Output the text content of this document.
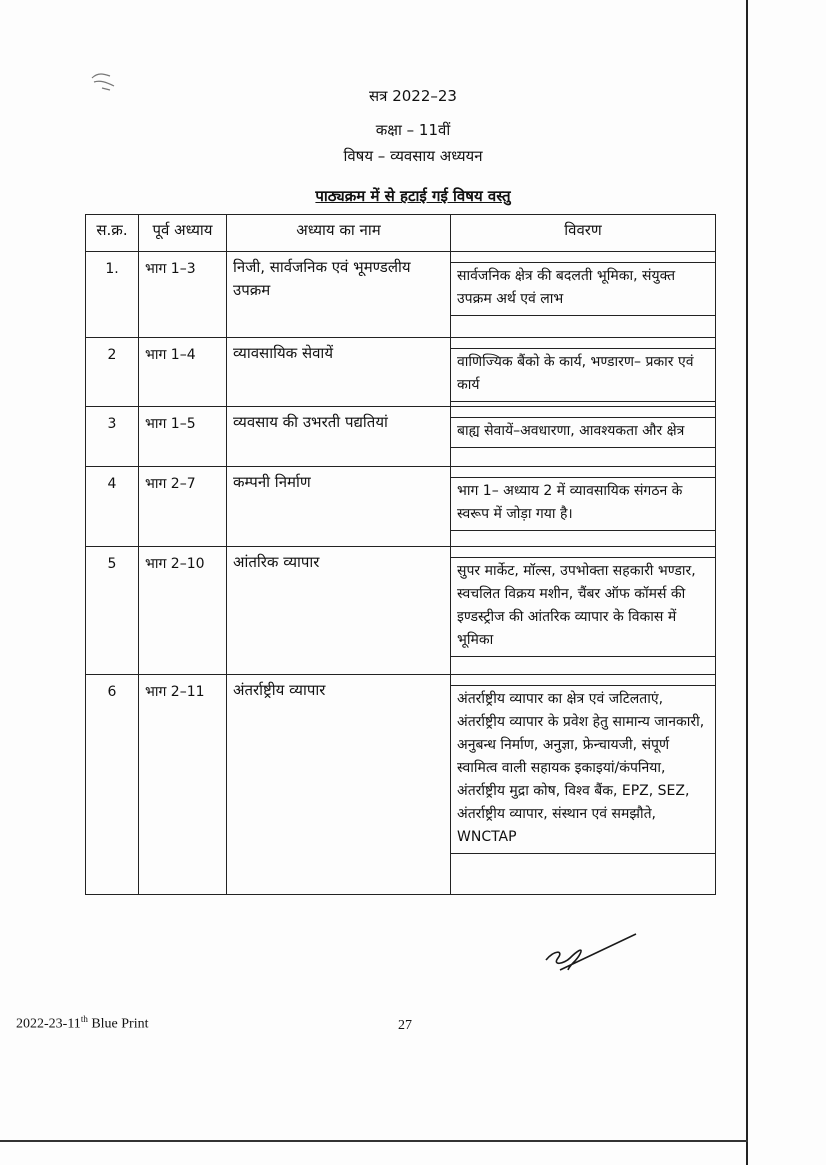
सत्र 2022–23
कक्षा – 11वीं
विषय – व्यवसाय अध्ययन
पाठ्यक्रम में से हटाई गई विषय वस्तु
स.क्र.	पूर्व अध्याय	अध्याय का नाम	विवरण
1.	भाग 1–3	निजी, सार्वजनिक एवं भूमण्डलीय उपक्रम	सार्वजनिक क्षेत्र की बदलती भूमिका, संयुक्त उपक्रम अर्थ एवं लाभ

2	भाग 1–4	व्यावसायिक सेवायें	वाणिज्यिक बैंको के कार्य, भण्डारण– प्रकार एवं कार्य

3	भाग 1–5	व्यवसाय की उभरती पद्यतियां	बाह्य सेवायें–अवधारणा, आवश्यकता और क्षेत्र

4	भाग 2–7	कम्पनी निर्माण	भाग 1– अध्याय 2 में व्यावसायिक संगठन के स्वरूप में जोड़ा गया है।

5	भाग 2–10	आंतरिक व्यापार	सुपर मार्केट, मॉल्स, उपभोक्ता सहकारी भण्डार, स्वचलित विक्रय मशीन, चैंबर ऑफ कॉमर्स की इण्डस्ट्रीज की आंतरिक व्यापार के विकास में भूमिका

6	भाग 2–11	अंतर्राष्ट्रीय व्यापार	अंतर्राष्ट्रीय व्यापार का क्षेत्र एवं जटिलताएं, अंतर्राष्ट्रीय व्यापार के प्रवेश हेतु सामान्य जानकारी, अनुबन्ध निर्माण, अनुज्ञा, फ्रेन्चायजी, संपूर्ण स्वामित्व वाली सहायक इकाइयां/कंपनिया, अंतर्राष्ट्रीय मुद्रा कोष, विश्व बैंक, EPZ, SEZ, अंतर्राष्ट्रीय व्यापार, संस्थान एवं समझौते, WNCTAP
2022-23-11th Blue Print	27
